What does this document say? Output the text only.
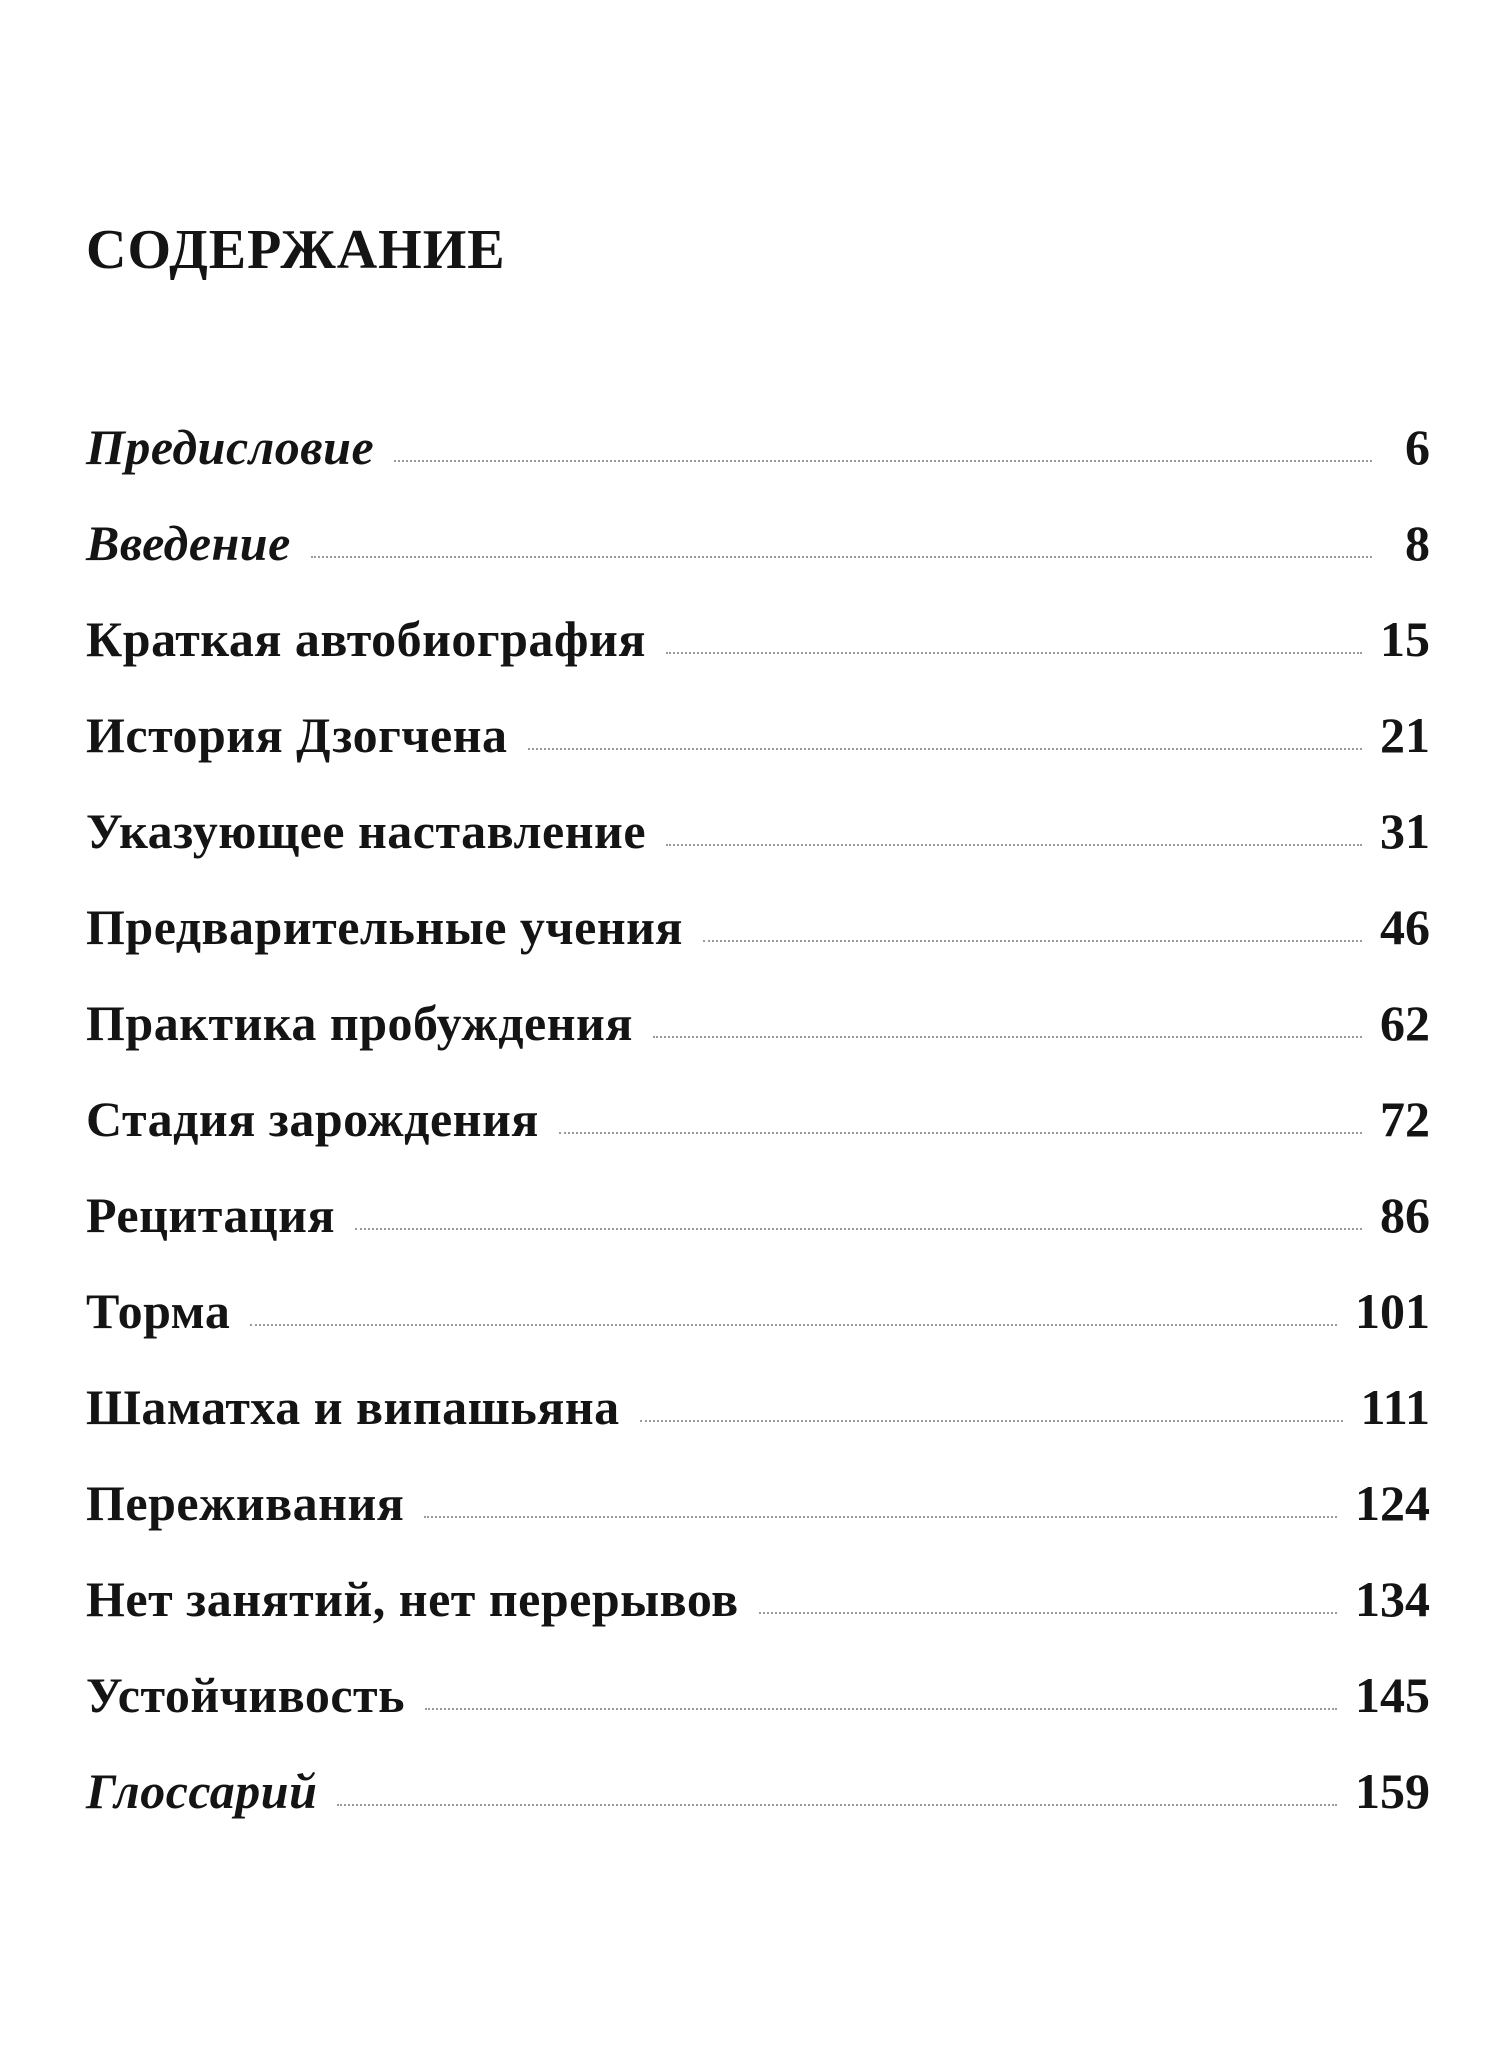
СОДЕРЖАНИЕ
Предисловие	6
Введение	8
Краткая автобиография	15
История Дзогчена	21
Указующее наставление	31
Предварительные учения	46
Практика пробуждения	62
Стадия зарождения	72
Рецитация	86
Торма	101
Шаматха и випашьяна	111
Переживания	124
Нет занятий, нет перерывов	134
Устойчивость	145
Глоссарий	159
